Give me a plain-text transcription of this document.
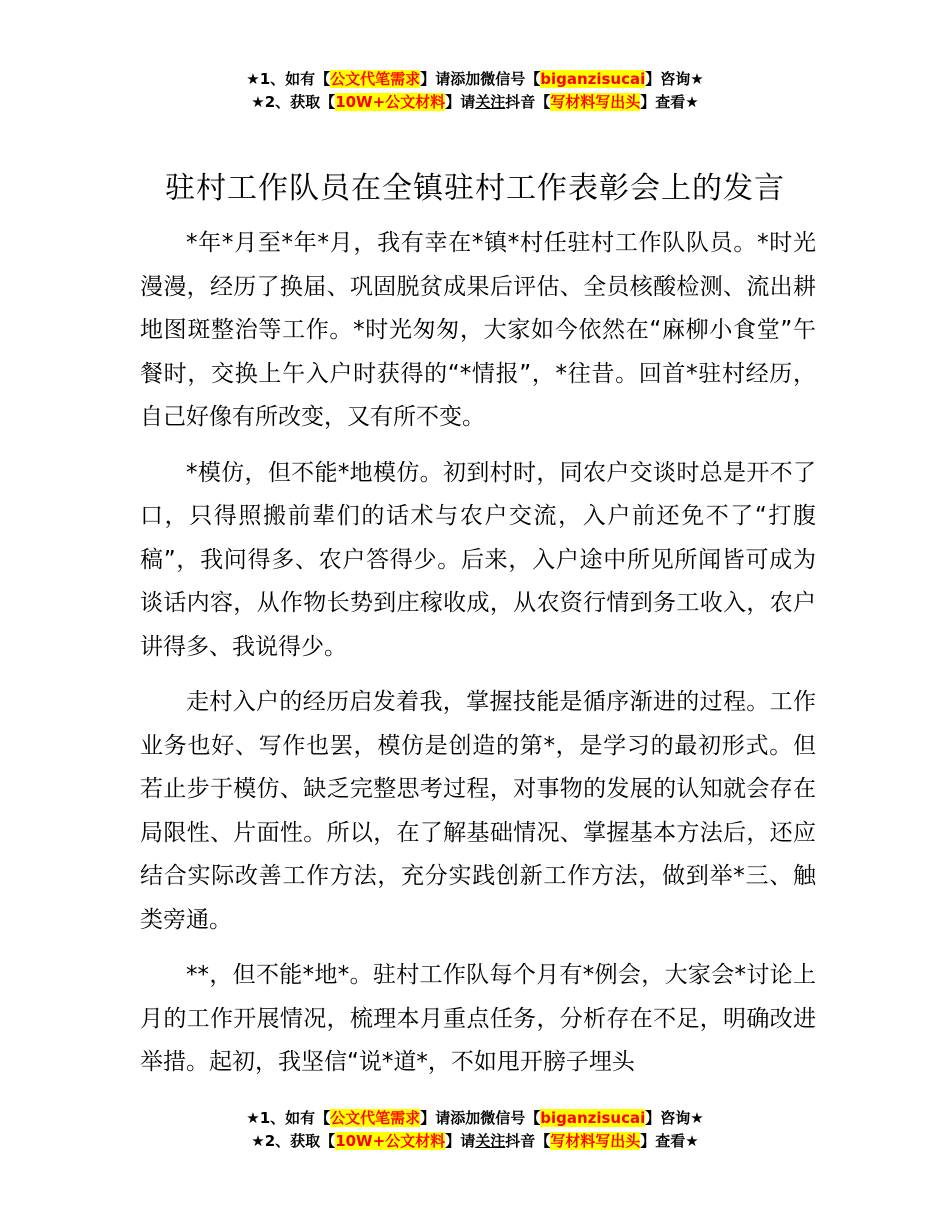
★1、如有【公文代笔需求】请添加微信号【biganzisucai】咨询★
★2、获取【10W+公文材料】请关注抖音【写材料写出头】查看★
驻村工作队员在全镇驻村工作表彰会上的发言

*年*月至*年*月，我有幸在*镇*村任驻村工作队队员。*时光漫漫，经历了换届、巩固脱贫成果后评估、全员核酸检测、流出耕地图斑整治等工作。*时光匆匆，大家如今依然在“麻柳小食堂”午餐时，交换上午入户时获得的“*情报”，*往昔。回首*驻村经历，自己好像有所改变，又有所不变。

*模仿，但不能*地模仿。初到村时，同农户交谈时总是开不了口，只得照搬前辈们的话术与农户交流，入户前还免不了“打腹稿”，我问得多、农户答得少。后来，入户途中所见所闻皆可成为谈话内容，从作物长势到庄稼收成，从农资行情到务工收入，农户讲得多、我说得少。

走村入户的经历启发着我，掌握技能是循序渐进的过程。工作业务也好、写作也罢，模仿是创造的第*，是学习的最初形式。但若止步于模仿、缺乏完整思考过程，对事物的发展的认知就会存在局限性、片面性。所以，在了解基础情况、掌握基本方法后，还应结合实际改善工作方法，充分实践创新工作方法，做到举*三、触类旁通。

**，但不能*地*。驻村工作队每个月有*例会，大家会*讨论上月的工作开展情况，梳理本月重点任务，分析存在不足，明确改进举措。起初，我坚信“说*道*，不如甩开膀子埋头

★1、如有【公文代笔需求】请添加微信号【biganzisucai】咨询★
★2、获取【10W+公文材料】请关注抖音【写材料写出头】查看★
